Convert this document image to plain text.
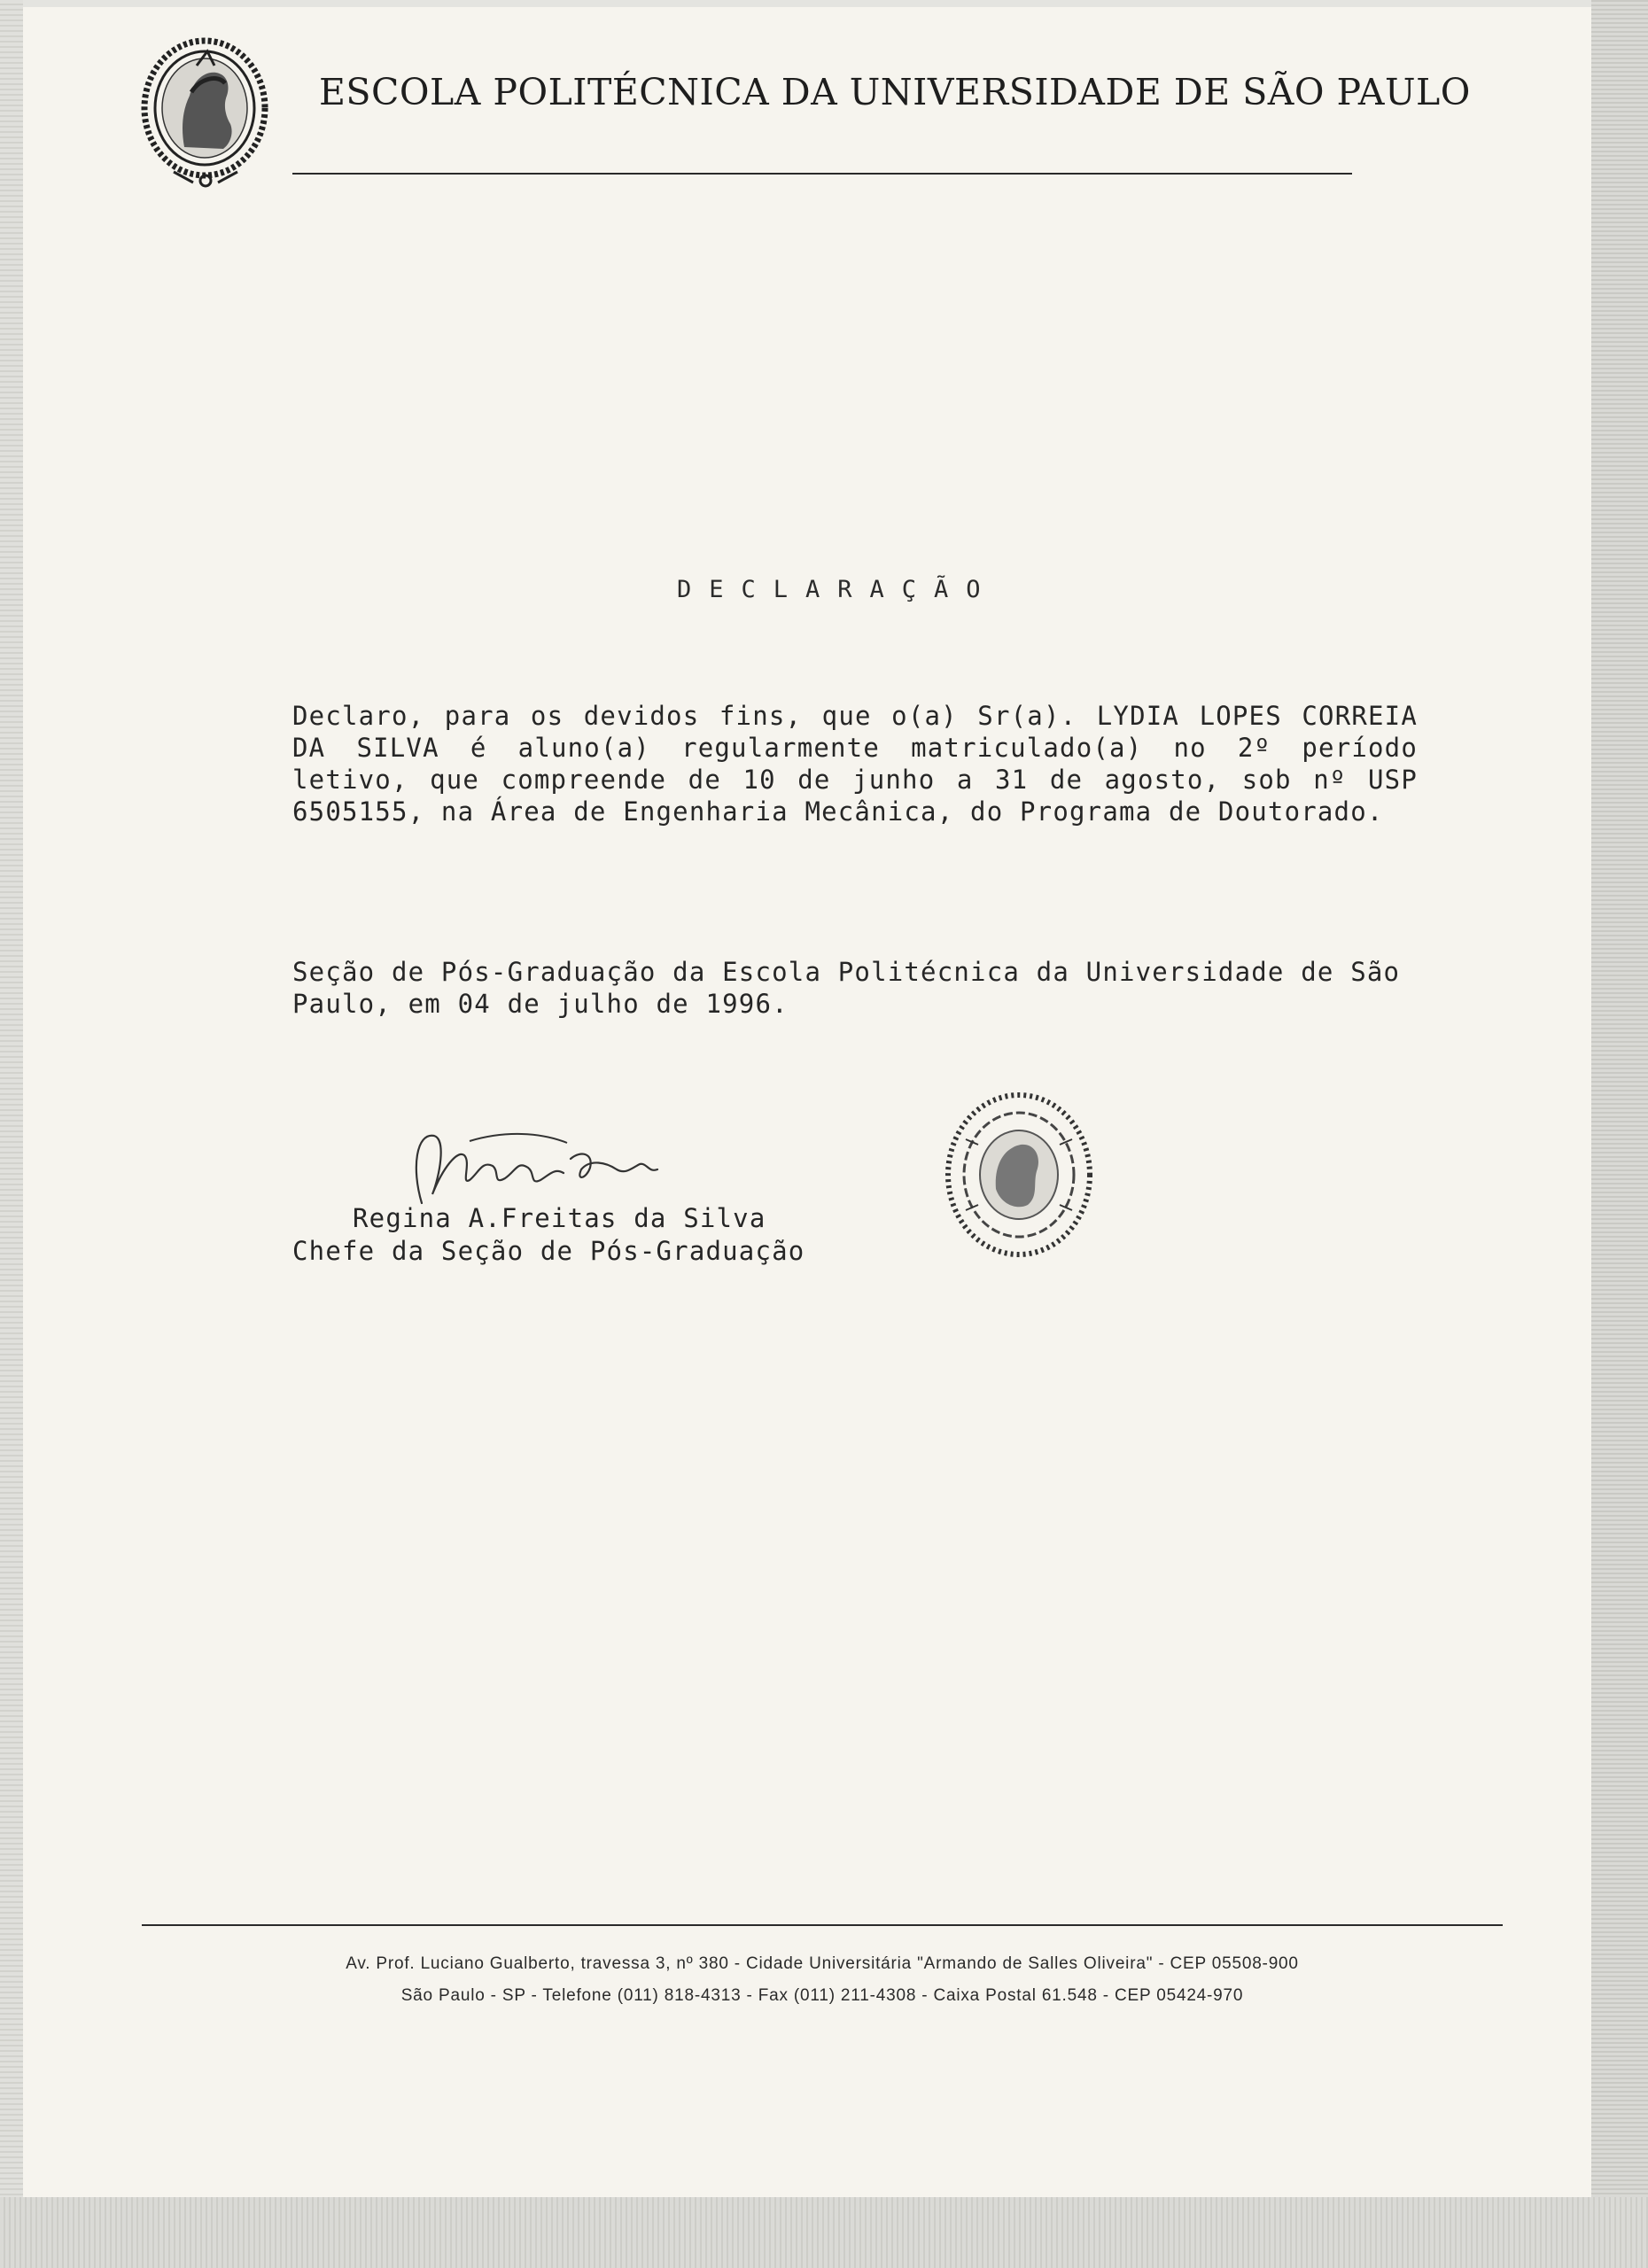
ESCOLA POLITÉCNICA DA UNIVERSIDADE DE SÃO PAULO
DECLARAÇÃO
Declaro, para os devidos fins, que o(a) Sr(a). LYDIA LOPES CORREIA DA SILVA é aluno(a) regularmente matriculado(a) no 2º período letivo, que compreende de 10 de junho a 31 de agosto, sob nº USP 6505155, na Área de Engenharia Mecânica, do Programa de Doutorado.
Seção de Pós-Graduação da Escola Politécnica da Universidade de São Paulo, em 04 de julho de 1996.
Regina A.Freitas da Silva
Chefe da Seção de Pós-Graduação
Av. Prof. Luciano Gualberto, travessa 3, nº 380 - Cidade Universitária "Armando de Salles Oliveira" - CEP 05508-900
São Paulo - SP - Telefone (011) 818-4313 - Fax (011) 211-4308 - Caixa Postal 61.548 - CEP 05424-970
